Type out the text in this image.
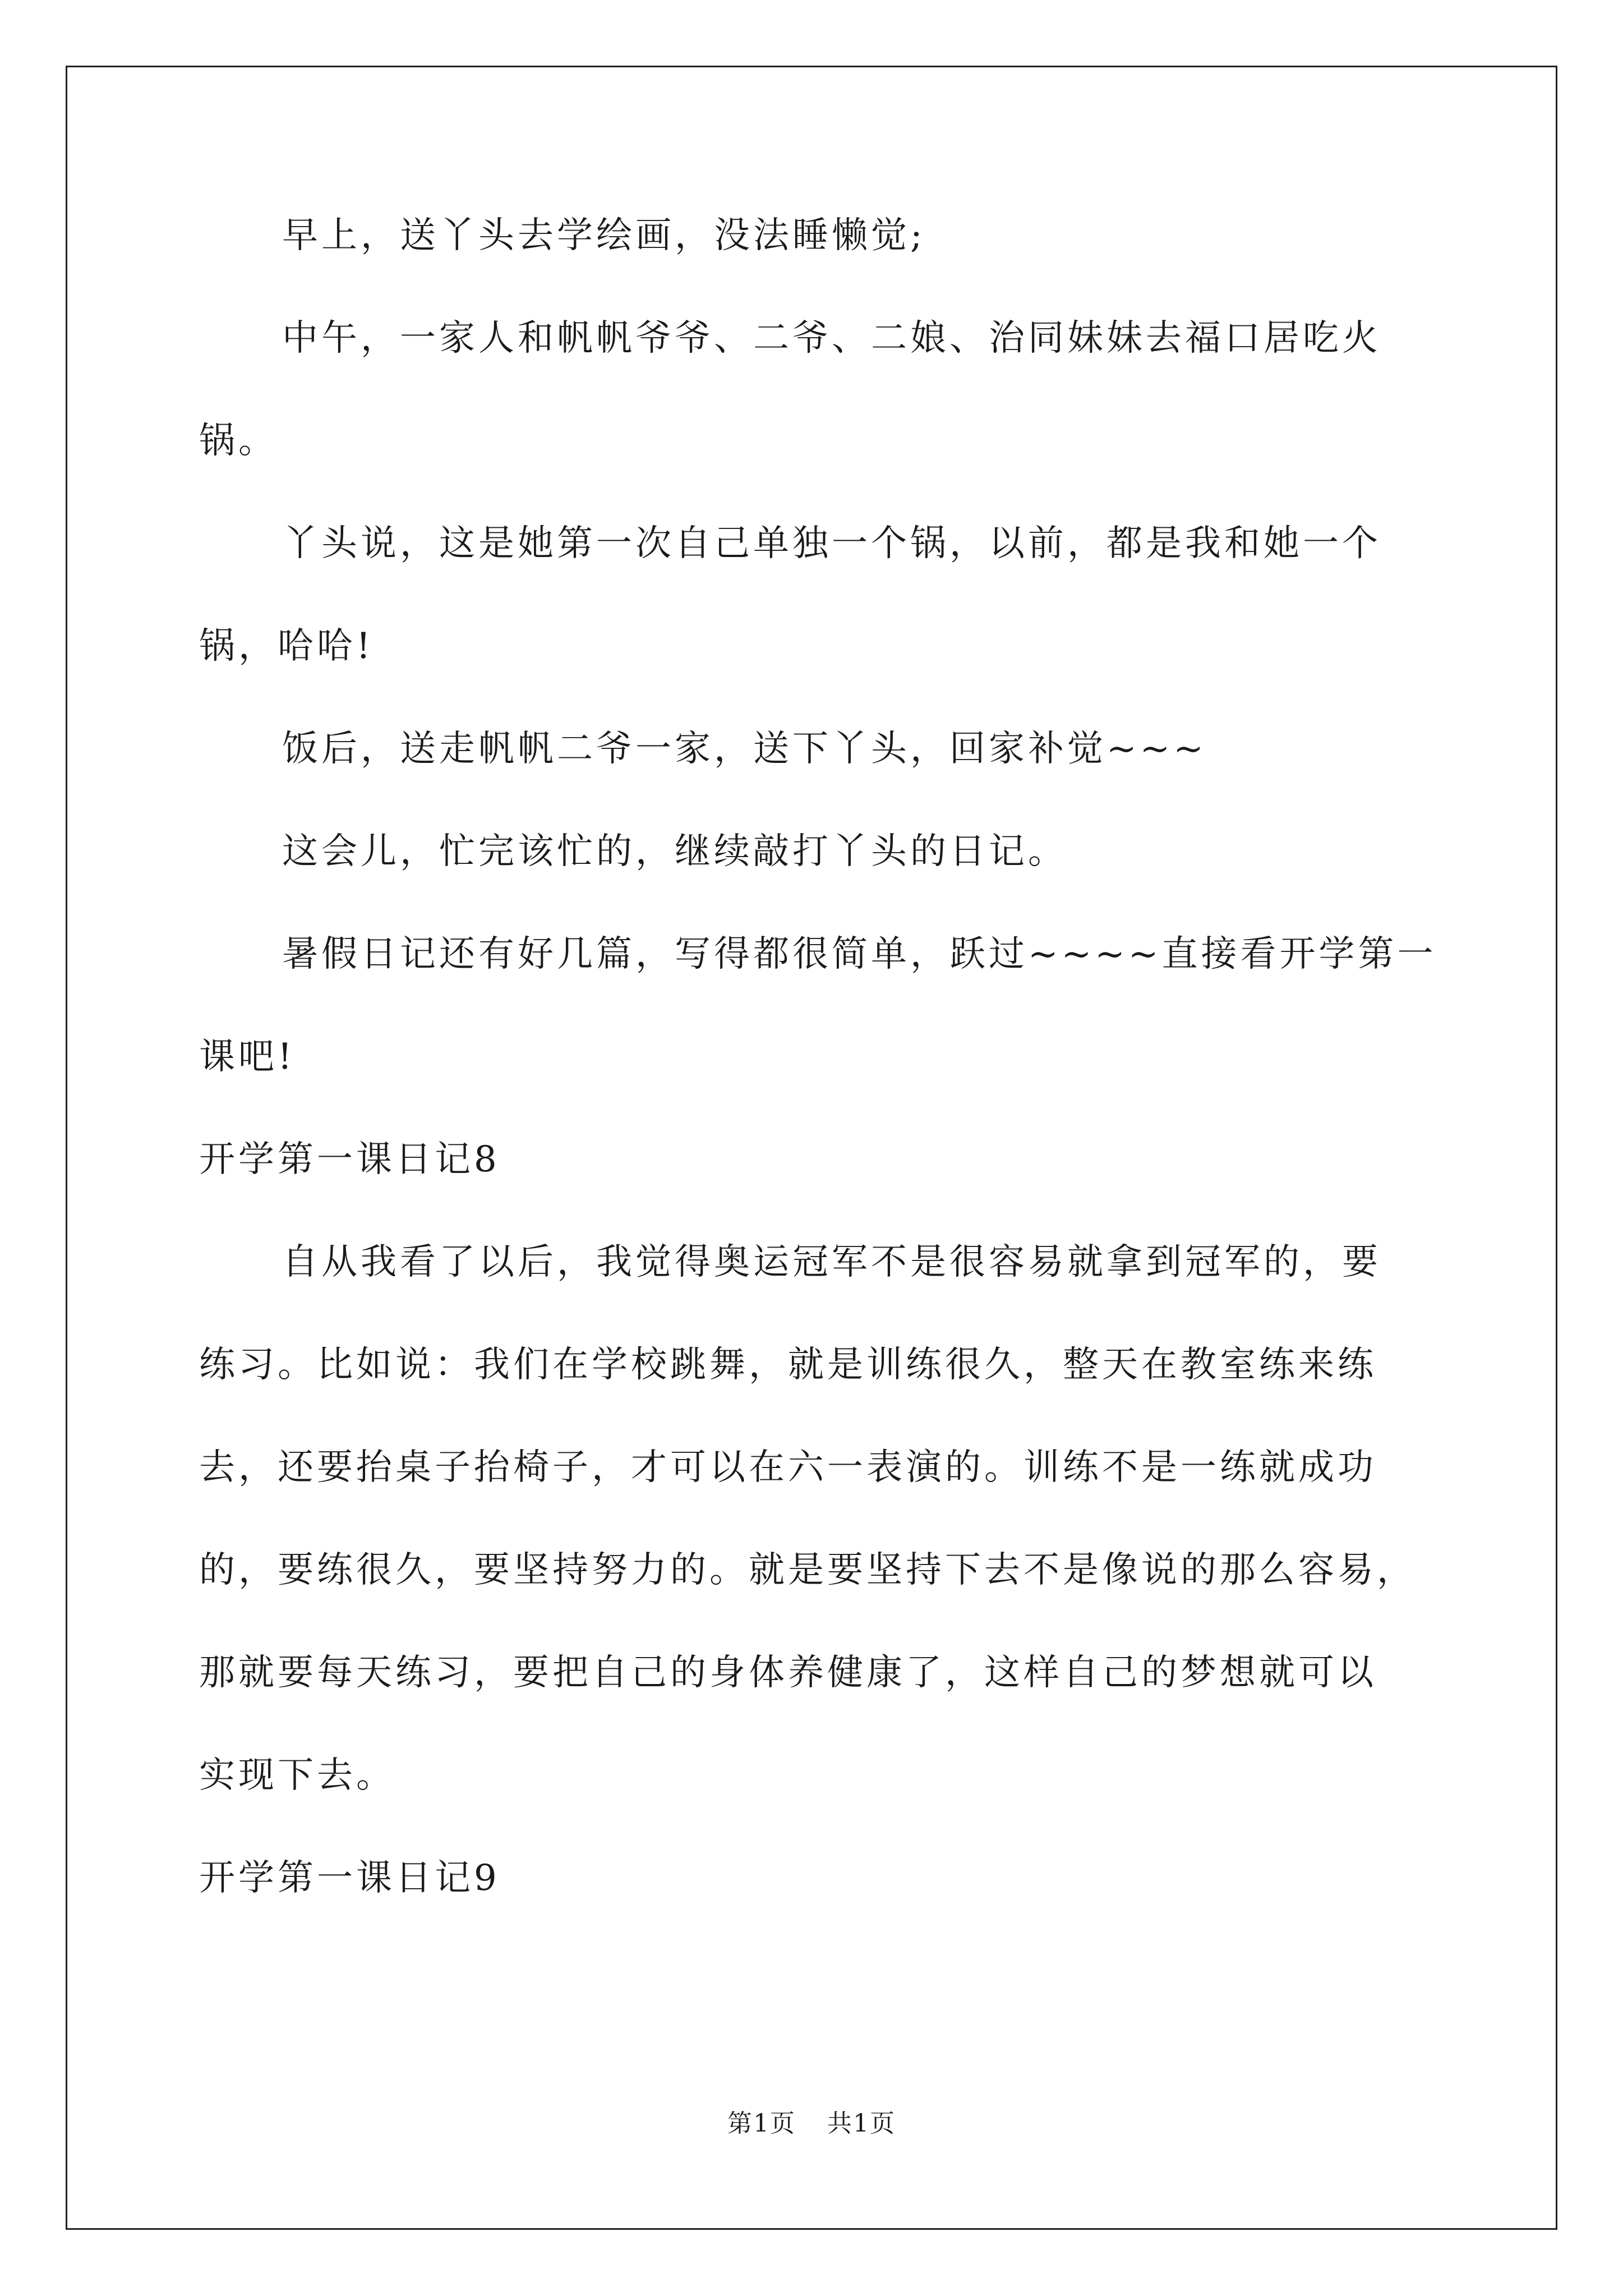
早上，送丫头去学绘画，没法睡懒觉;
中午，一家人和帆帆爷爷、二爷、二娘、治同妹妹去福口居吃火
锅。
丫头说，这是她第一次自己单独一个锅，以前，都是我和她一个
锅，哈哈!
饭后，送走帆帆二爷一家，送下丫头，回家补觉~~~
这会儿，忙完该忙的，继续敲打丫头的日记。
暑假日记还有好几篇，写得都很简单，跃过~~~~直接看开学第一
课吧!
开学第一课日记8
自从我看了以后，我觉得奥运冠军不是很容易就拿到冠军的，要
练习。比如说：我们在学校跳舞，就是训练很久，整天在教室练来练
去，还要抬桌子抬椅子，才可以在六一表演的。训练不是一练就成功
的，要练很久，要坚持努力的。就是要坚持下去不是像说的那么容易，
那就要每天练习，要把自己的身体养健康了，这样自己的梦想就可以
实现下去。
开学第一课日记9
第1页 共1页
